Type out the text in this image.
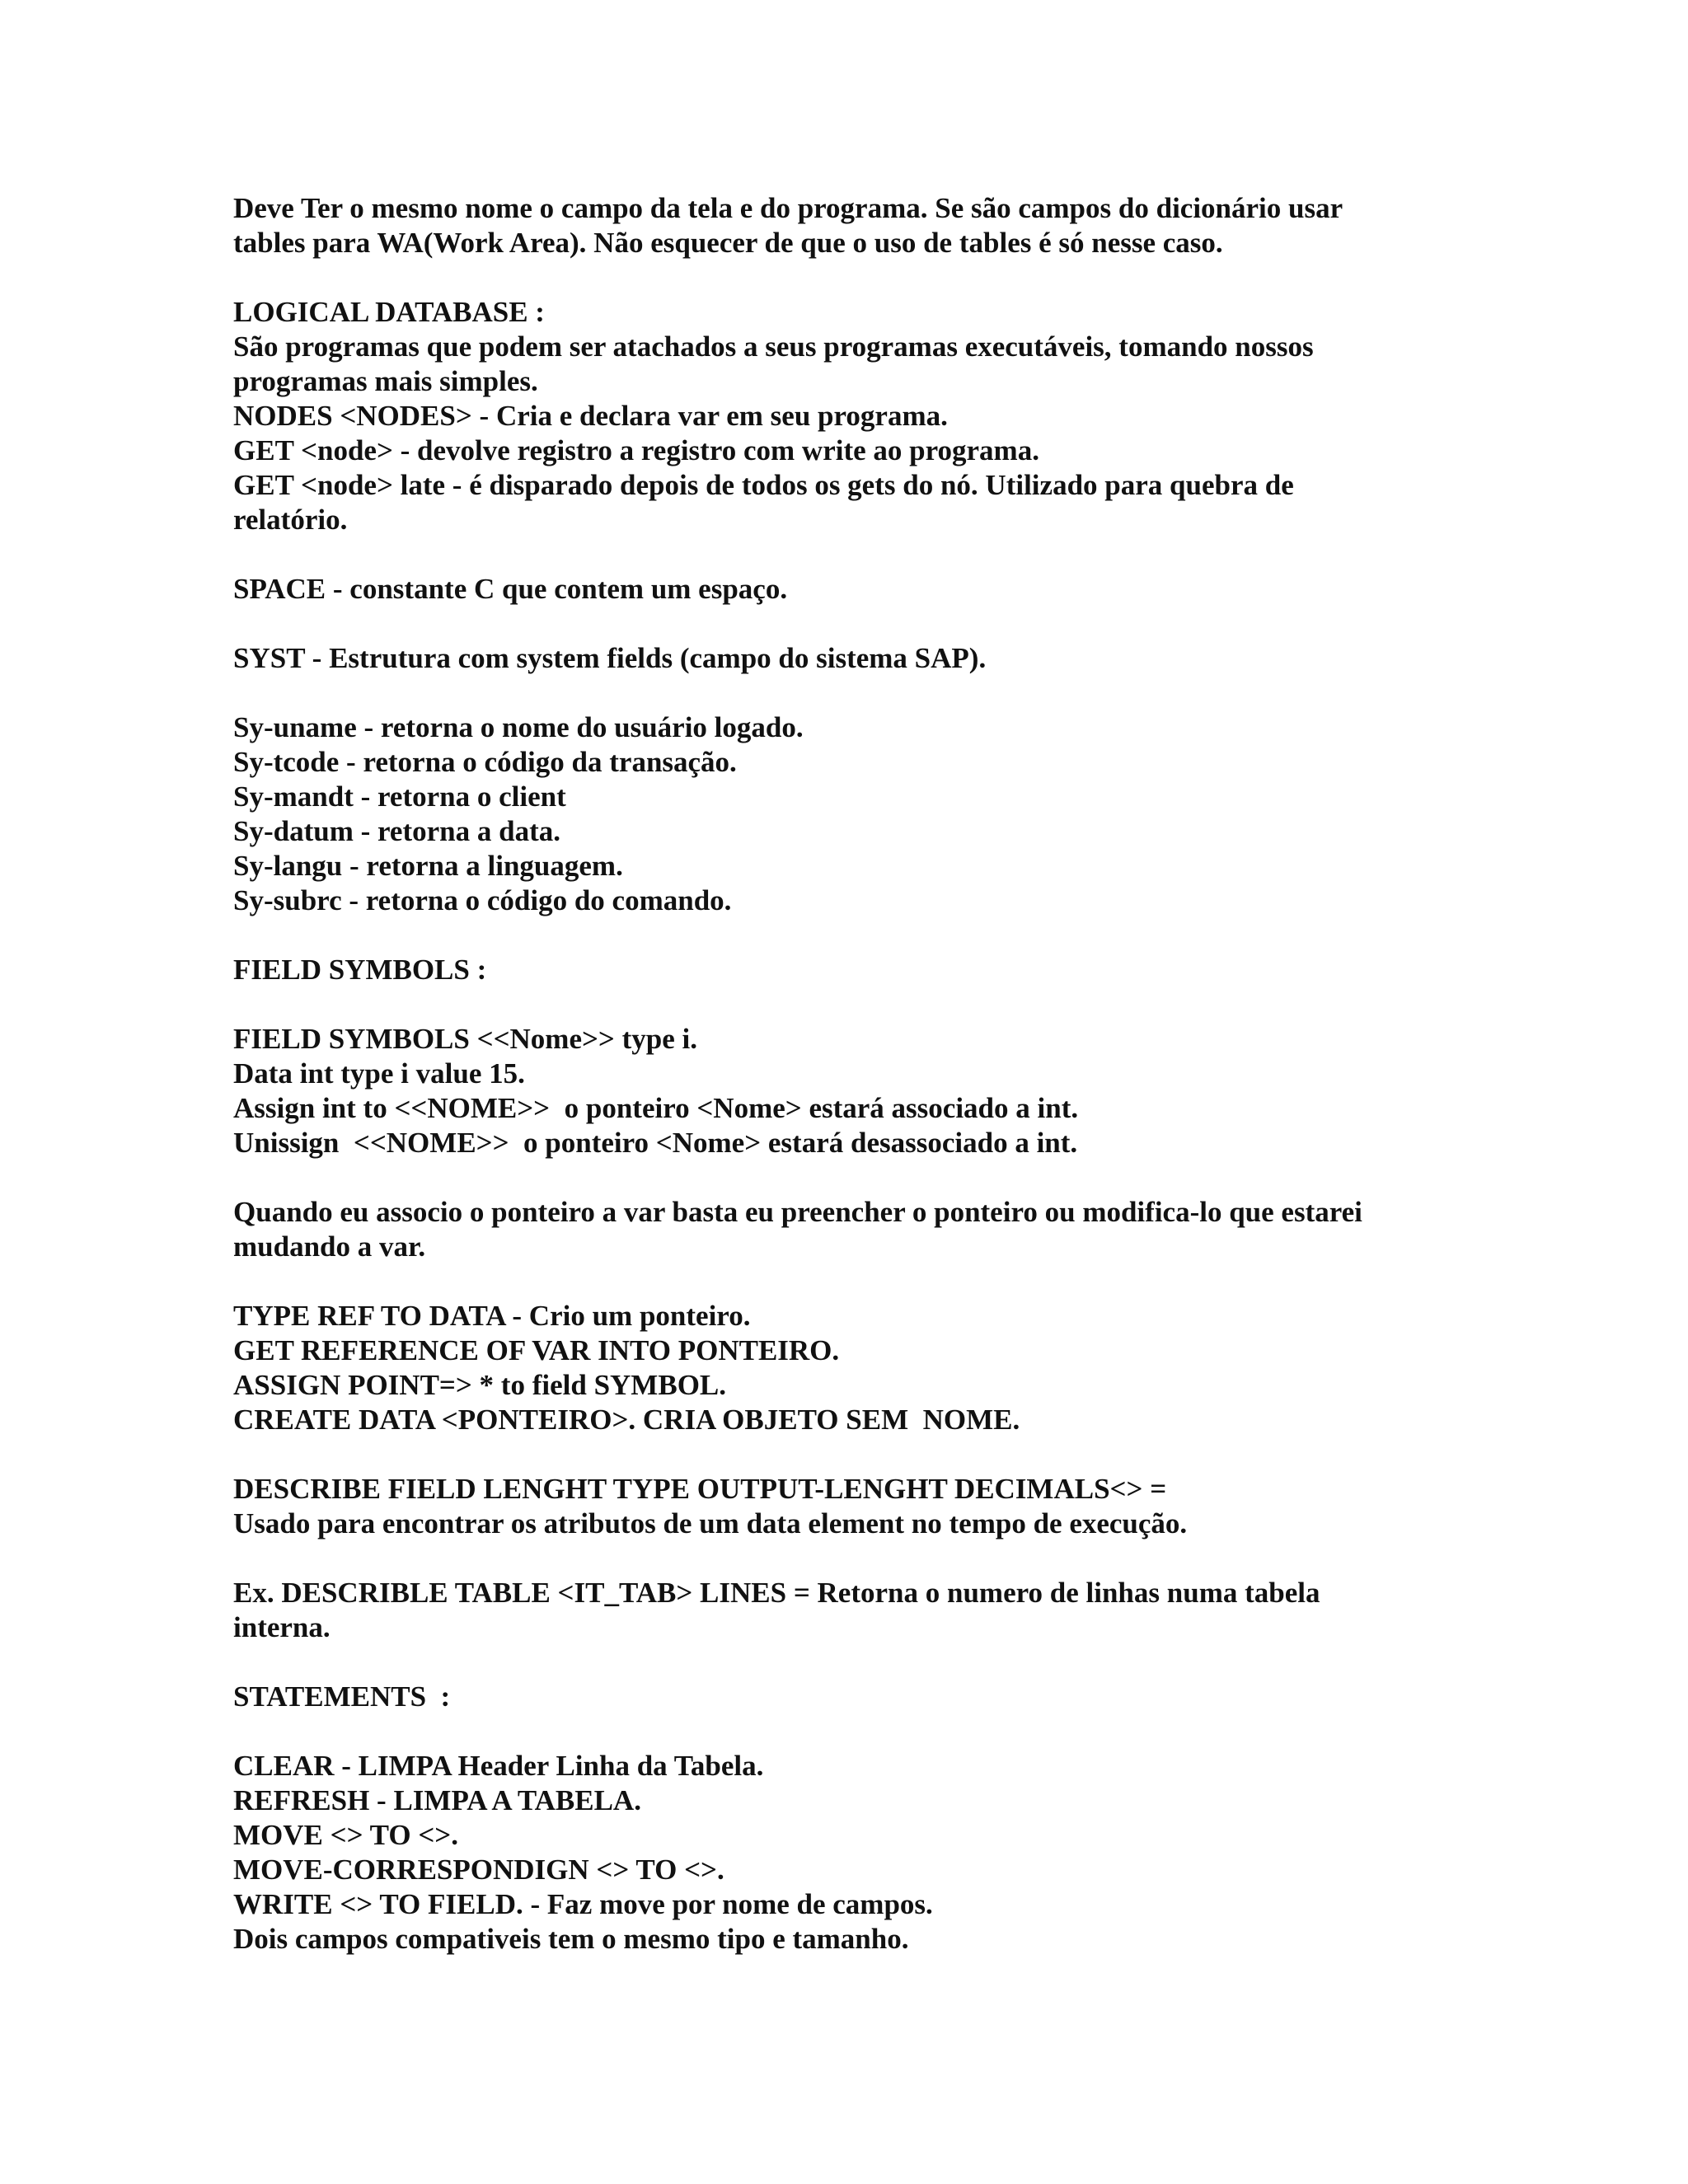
Deve Ter o mesmo nome o campo da tela e do programa. Se são campos do dicionário usar
tables para WA(Work Area). Não esquecer de que o uso de tables é só nesse caso.
LOGICAL DATABASE :
São programas que podem ser atachados a seus programas executáveis, tomando nossos
programas mais simples.
NODES <NODES> - Cria e declara var em seu programa.
GET <node> - devolve registro a registro com write ao programa.
GET <node> late - é disparado depois de todos os gets do nó. Utilizado para quebra de
relatório.
SPACE - constante C que contem um espaço.
SYST - Estrutura com system fields (campo do sistema SAP).
Sy-uname - retorna o nome do usuário logado.
Sy-tcode - retorna o código da transação.
Sy-mandt - retorna o client
Sy-datum - retorna a data.
Sy-langu - retorna a linguagem.
Sy-subrc - retorna o código do comando.
FIELD SYMBOLS :
FIELD SYMBOLS <<Nome>> type i.
Data int type i value 15.
Assign int to <<NOME>>  o ponteiro <Nome> estará associado a int.
Unissign  <<NOME>>  o ponteiro <Nome> estará desassociado a int.
Quando eu associo o ponteiro a var basta eu preencher o ponteiro ou modifica-lo que estarei
mudando a var.
TYPE REF TO DATA - Crio um ponteiro.
GET REFERENCE OF VAR INTO PONTEIRO.
ASSIGN POINT=> * to field SYMBOL.
CREATE DATA <PONTEIRO>. CRIA OBJETO SEM  NOME.
DESCRIBE FIELD LENGHT TYPE OUTPUT-LENGHT DECIMALS<> =
Usado para encontrar os atributos de um data element no tempo de execução.
Ex. DESCRIBLE TABLE <IT_TAB> LINES = Retorna o numero de linhas numa tabela
interna.
STATEMENTS  :
CLEAR - LIMPA Header Linha da Tabela.
REFRESH - LIMPA A TABELA.
MOVE <> TO <>.
MOVE-CORRESPONDIGN <> TO <>.
WRITE <> TO FIELD. - Faz move por nome de campos.
Dois campos compativeis tem o mesmo tipo e tamanho.
